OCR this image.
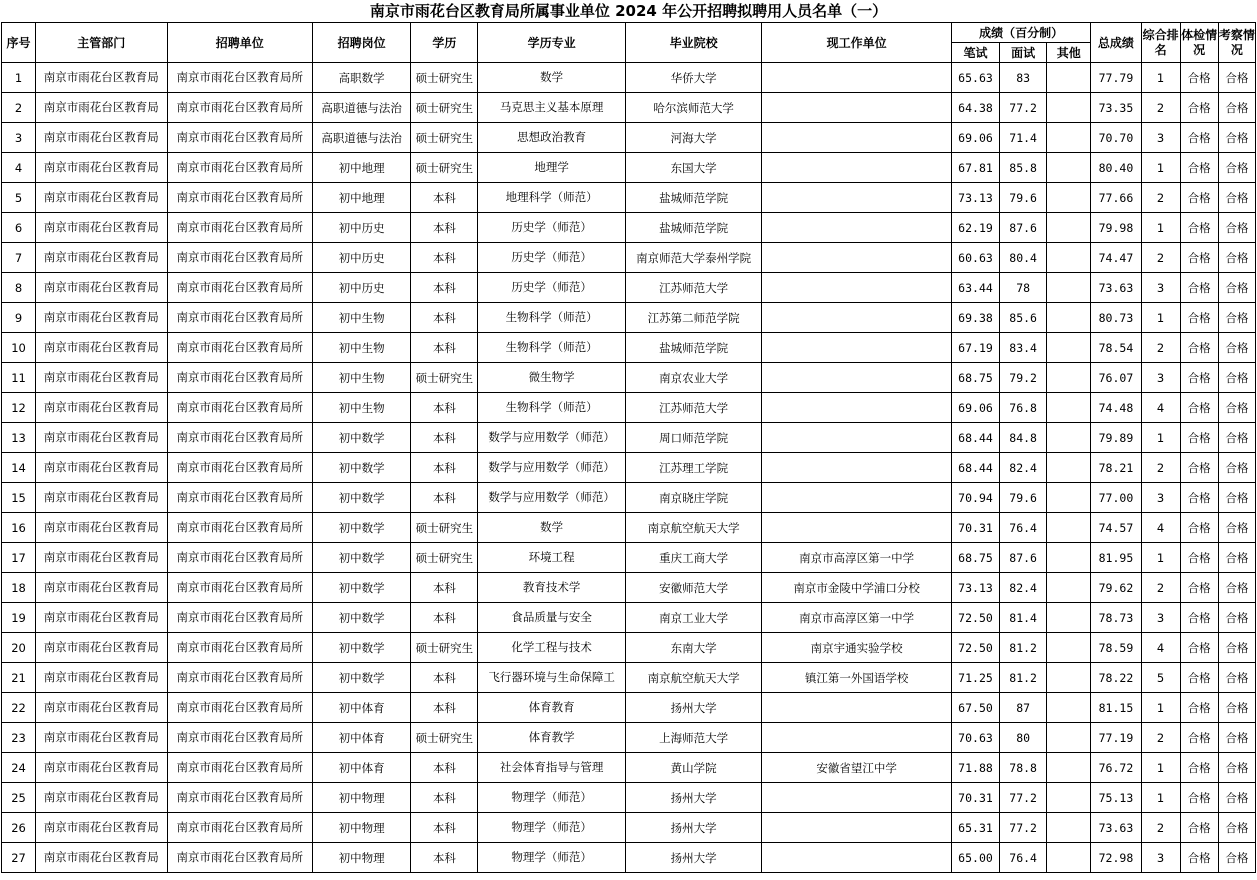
南京市雨花台区教育局所属事业单位 2024 年公开招聘拟聘用人员名单（一）
序号	主管部门	招聘单位	招聘岗位	学历	学历专业	毕业院校	现工作单位	成绩（百分制）			总成绩	综合排名	体检情况	考察情况
								笔试	面试	其他				
1	南京市雨花台区教育局	南京市雨花台区教育局所	高职数学	硕士研究生	数学	华侨大学		65.63	83		77.79	1	合格	合格
2	南京市雨花台区教育局	南京市雨花台区教育局所	高职道德与法治	硕士研究生	马克思主义基本原理	哈尔滨师范大学		64.38	77.2		73.35	2	合格	合格
3	南京市雨花台区教育局	南京市雨花台区教育局所	高职道德与法治	硕士研究生	思想政治教育	河海大学		69.06	71.4		70.70	3	合格	合格
4	南京市雨花台区教育局	南京市雨花台区教育局所	初中地理	硕士研究生	地理学	东国大学		67.81	85.8		80.40	1	合格	合格
5	南京市雨花台区教育局	南京市雨花台区教育局所	初中地理	本科	地理科学（师范）	盐城师范学院		73.13	79.6		77.66	2	合格	合格
6	南京市雨花台区教育局	南京市雨花台区教育局所	初中历史	本科	历史学（师范）	盐城师范学院		62.19	87.6		79.98	1	合格	合格
7	南京市雨花台区教育局	南京市雨花台区教育局所	初中历史	本科	历史学（师范）	南京师范大学泰州学院		60.63	80.4		74.47	2	合格	合格
8	南京市雨花台区教育局	南京市雨花台区教育局所	初中历史	本科	历史学（师范）	江苏师范大学		63.44	78		73.63	3	合格	合格
9	南京市雨花台区教育局	南京市雨花台区教育局所	初中生物	本科	生物科学（师范）	江苏第二师范学院		69.38	85.6		80.73	1	合格	合格
10	南京市雨花台区教育局	南京市雨花台区教育局所	初中生物	本科	生物科学（师范）	盐城师范学院		67.19	83.4		78.54	2	合格	合格
11	南京市雨花台区教育局	南京市雨花台区教育局所	初中生物	硕士研究生	微生物学	南京农业大学		68.75	79.2		76.07	3	合格	合格
12	南京市雨花台区教育局	南京市雨花台区教育局所	初中生物	本科	生物科学（师范）	江苏师范大学		69.06	76.8		74.48	4	合格	合格
13	南京市雨花台区教育局	南京市雨花台区教育局所	初中数学	本科	数学与应用数学（师范）	周口师范学院		68.44	84.8		79.89	1	合格	合格
14	南京市雨花台区教育局	南京市雨花台区教育局所	初中数学	本科	数学与应用数学（师范）	江苏理工学院		68.44	82.4		78.21	2	合格	合格
15	南京市雨花台区教育局	南京市雨花台区教育局所	初中数学	本科	数学与应用数学（师范）	南京晓庄学院		70.94	79.6		77.00	3	合格	合格
16	南京市雨花台区教育局	南京市雨花台区教育局所	初中数学	硕士研究生	数学	南京航空航天大学		70.31	76.4		74.57	4	合格	合格
17	南京市雨花台区教育局	南京市雨花台区教育局所	初中数学	硕士研究生	环境工程	重庆工商大学	南京市高淳区第一中学	68.75	87.6		81.95	1	合格	合格
18	南京市雨花台区教育局	南京市雨花台区教育局所	初中数学	本科	教育技术学	安徽师范大学	南京市金陵中学浦口分校	73.13	82.4		79.62	2	合格	合格
19	南京市雨花台区教育局	南京市雨花台区教育局所	初中数学	本科	食品质量与安全	南京工业大学	南京市高淳区第一中学	72.50	81.4		78.73	3	合格	合格
20	南京市雨花台区教育局	南京市雨花台区教育局所	初中数学	硕士研究生	化学工程与技术	东南大学	南京宇通实验学校	72.50	81.2		78.59	4	合格	合格
21	南京市雨花台区教育局	南京市雨花台区教育局所	初中数学	本科	飞行器环境与生命保障工	南京航空航天大学	镇江第一外国语学校	71.25	81.2		78.22	5	合格	合格
22	南京市雨花台区教育局	南京市雨花台区教育局所	初中体育	本科	体育教育	扬州大学		67.50	87		81.15	1	合格	合格
23	南京市雨花台区教育局	南京市雨花台区教育局所	初中体育	硕士研究生	体育教学	上海师范大学		70.63	80		77.19	2	合格	合格
24	南京市雨花台区教育局	南京市雨花台区教育局所	初中体育	本科	社会体育指导与管理	黄山学院	安徽省望江中学	71.88	78.8		76.72	1	合格	合格
25	南京市雨花台区教育局	南京市雨花台区教育局所	初中物理	本科	物理学（师范）	扬州大学		70.31	77.2		75.13	1	合格	合格
26	南京市雨花台区教育局	南京市雨花台区教育局所	初中物理	本科	物理学（师范）	扬州大学		65.31	77.2		73.63	2	合格	合格
27	南京市雨花台区教育局	南京市雨花台区教育局所	初中物理	本科	物理学（师范）	扬州大学		65.00	76.4		72.98	3	合格	合格
